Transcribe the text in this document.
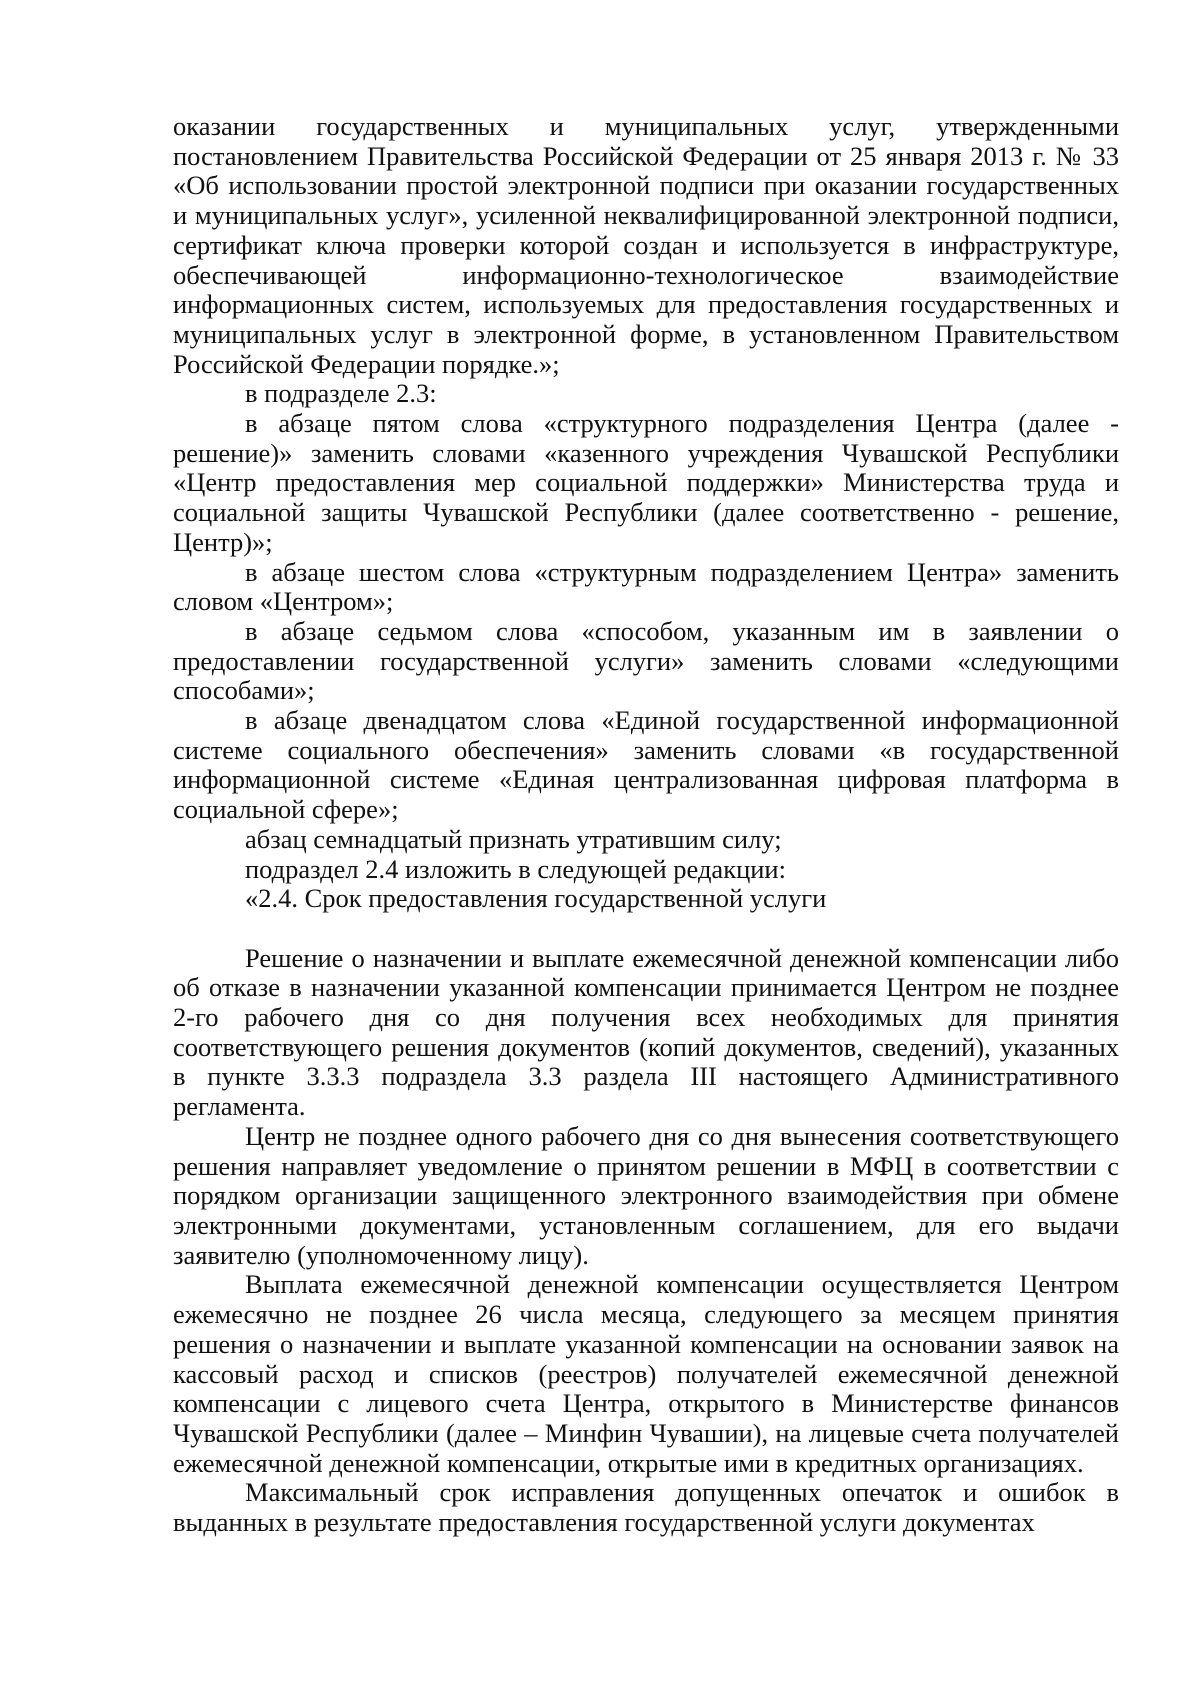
оказании государственных и муниципальных услуг, утвержденными постановлением Правительства Российской Федерации от 25 января 2013 г. № 33 «Об использовании простой электронной подписи при оказании государственных и муниципальных услуг», усиленной неквалифицированной электронной подписи, сертификат ключа проверки которой создан и используется в инфраструктуре, обеспечивающей информационно-технологическое взаимодействие информационных систем, используемых для предоставления государственных и муниципальных услуг в электронной форме, в установленном Правительством Российской Федерации порядке.»;

в подразделе 2.3:

в абзаце пятом слова «структурного подразделения Центра (далее - решение)» заменить словами «казенного учреждения Чувашской Республики «Центр предоставления мер социальной поддержки» Министерства труда и социальной защиты Чувашской Республики (далее соответственно - решение, Центр)»;

в абзаце шестом слова «структурным подразделением Центра» заменить словом «Центром»;

в абзаце седьмом слова «способом, указанным им в заявлении о предоставлении государственной услуги» заменить словами «следующими способами»;

в абзаце двенадцатом слова «Единой государственной информационной системе социального обеспечения» заменить словами «в государственной информационной системе «Единая централизованная цифровая платформа в социальной сфере»;

абзац семнадцатый признать утратившим силу;

подраздел 2.4 изложить в следующей редакции:

«2.4. Срок предоставления государственной услуги

Решение о назначении и выплате ежемесячной денежной компенсации либо об отказе в назначении указанной компенсации принимается Центром не позднее 2-го рабочего дня со дня получения всех необходимых для принятия соответствующего решения документов (копий документов, сведений), указанных в пункте 3.3.3 подраздела 3.3 раздела III настоящего Административного регламента.

Центр не позднее одного рабочего дня со дня вынесения соответствующего решения направляет уведомление о принятом решении в МФЦ в соответствии с порядком организации защищенного электронного взаимодействия при обмене электронными документами, установленным соглашением, для его выдачи заявителю (уполномоченному лицу).

Выплата ежемесячной денежной компенсации осуществляется Центром ежемесячно не позднее 26 числа месяца, следующего за месяцем принятия решения о назначении и выплате указанной компенсации на основании заявок на кассовый расход и списков (реестров) получателей ежемесячной денежной компенсации с лицевого счета Центра, открытого в Министерстве финансов Чувашской Республики (далее – Минфин Чувашии), на лицевые счета получателей ежемесячной денежной компенсации, открытые ими в кредитных организациях.

Максимальный срок исправления допущенных опечаток и ошибок в выданных в результате предоставления государственной услуги документах
